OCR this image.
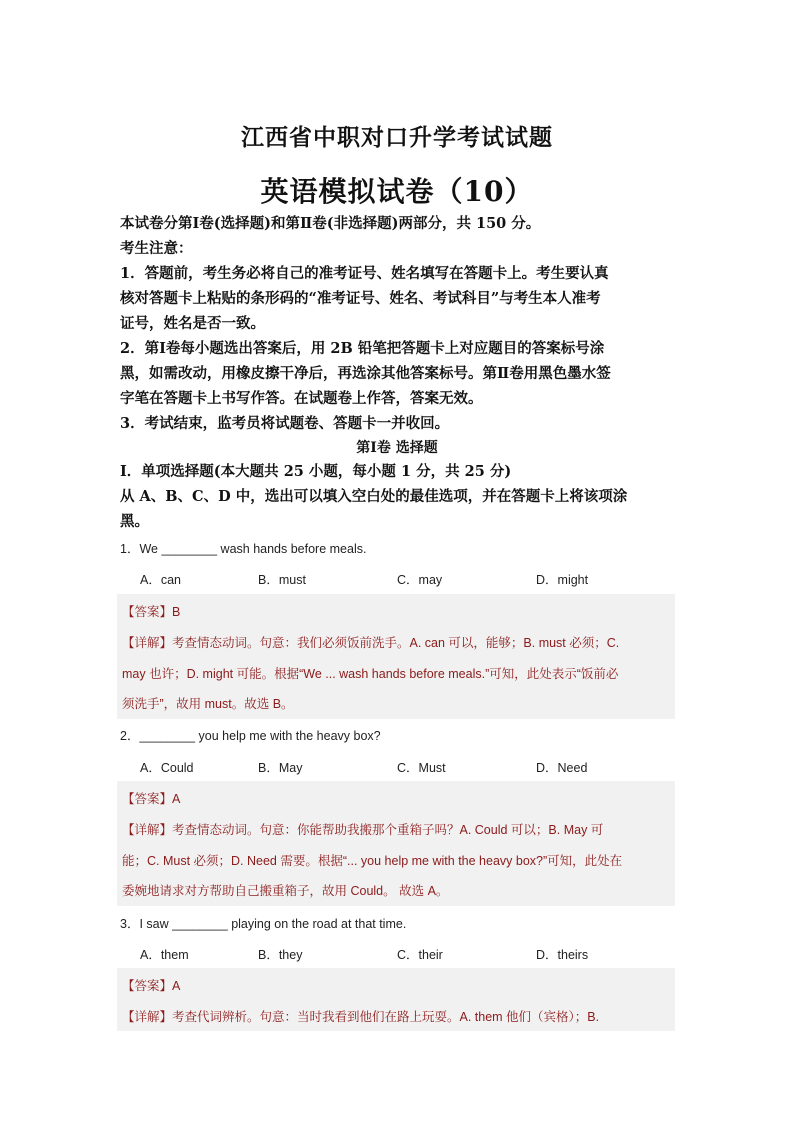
江西省中职对口升学考试试题
英语模拟试卷（10）
本试卷分第Ⅰ卷(选择题)和第Ⅱ卷(非选择题)两部分，共 150 分。
考生注意：
1．答题前，考生务必将自己的准考证号、姓名填写在答题卡上。考生要认真
核对答题卡上粘贴的条形码的“准考证号、姓名、考试科目”与考生本人准考
证号，姓名是否一致。
2．第Ⅰ卷每小题选出答案后，用 2B 铅笔把答题卡上对应题目的答案标号涂
黑，如需改动，用橡皮擦干净后，再选涂其他答案标号。第Ⅱ卷用黑色墨水签
字笔在答题卡上书写作答。在试题卷上作答，答案无效。
3．考试结束，监考员将试题卷、答题卡一并收回。
第Ⅰ卷 选择题
Ⅰ．单项选择题(本大题共 25 小题，每小题 1 分，共 25 分)
从 A、B、C、D 中，选出可以填入空白处的最佳选项，并在答题卡上将该项涂
黑。
1．We ________ wash hands before meals.
A．can	B．must	C．may	D．might
【答案】B
【详解】考查情态动词。句意：我们必须饭前洗手。A. can 可以，能够；B. must 必须；C.
may 也许；D. might 可能。根据“We ... wash hands before meals.”可知，此处表示“饭前必
须洗手”，故用 must。故选 B。
2．________ you help me with the heavy box?
A．Could	B．May	C．Must	D．Need
【答案】A
【详解】考查情态动词。句意：你能帮助我搬那个重箱子吗？A. Could 可以；B. May 可
能；C. Must 必须；D. Need 需要。根据“... you help me with the heavy box?”可知，此处在
委婉地请求对方帮助自己搬重箱子，故用 Could。 故选 A。
3．I saw ________ playing on the road at that time.
A．them	B．they	C．their	D．theirs
【答案】A
【详解】考查代词辨析。句意：当时我看到他们在路上玩耍。A. them 他们（宾格）；B.
